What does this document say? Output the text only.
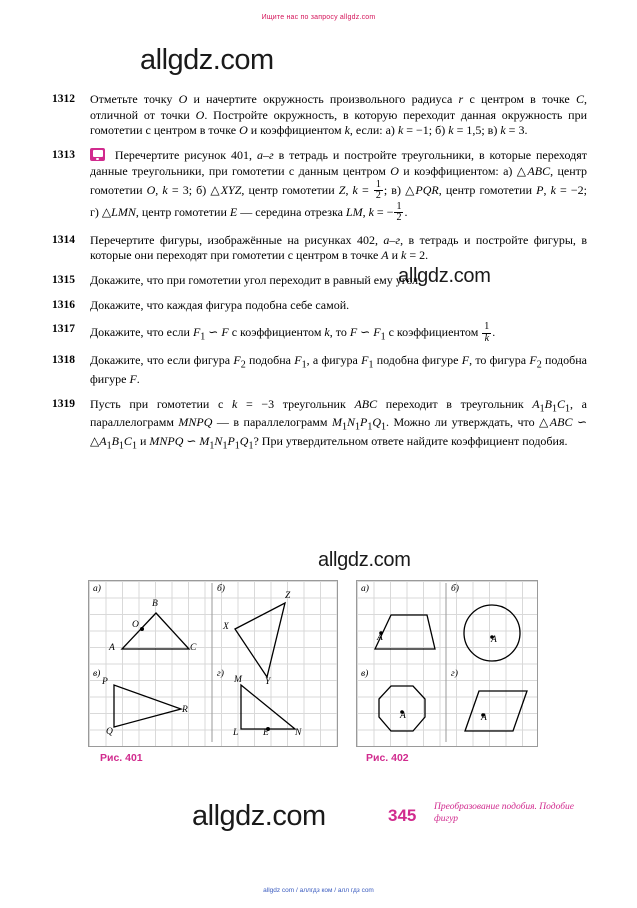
Ищите нас по запросу allgdz.com
allgdz.com
allgdz.com
allgdz.com
allgdz.com
1312	Отметьте точку O и начертите окружность произвольного радиуса r с центром в точке C, отличной от точки O. Постройте окружность, в которую переходит данная окружность при гомотетии с центром в точке O и коэффициентом k, если: а) k = −1; б) k = 1,5; в) k = 3.
1313	Перечертите рисунок 401, а–г в тетрадь и постройте треугольники, в которые переходят данные треугольники, при гомотетии с данным центром O и коэффициентом: а) △ABC, центр гомотетии O, k = 3; б) △XYZ, центр гомотетии Z, $k = \frac{1}{2}$ ; в) △PQR, центр гомотетии P, k = −2; г) △LMN, центр гомотетии E — середина отрезка LM, k = − $\frac{1}{2}$ .
1314	Перечертите фигуры, изображённые на рисунках 402, а–г, в тетрадь и постройте фигуры, в которые они переходят при гомотетии с центром в точке A и k = 2.
1315	Докажите, что при гомотетии угол переходит в равный ему угол.
1316	Докажите, что каждая фигура подобна себе самой.
1317	Докажите, что если $F_1$ ∽ F с коэффициентом k, то F ∽ $F_1$ с коэффициентом $\frac{1}{k}$ .
1318	Докажите, что если фигура $F_2$ подобна $F_1$, а фигура $F_1$ подобна фигуре F, то фигура $F_2$ подобна фигуре F.
1319	Пусть при гомотетии с k = −3 треугольник ABC переходит в треугольник $A_1B_1C_1$, а параллелограмм MNPQ — в параллелограмм $M_1N_1P_1Q_1$. Можно ли утверждать, что △ABC ∽ $\triangle A_1B_1C_1$ и MNPQ ∽ $M_1N_1P_1Q_1$? При утвердительном ответе найдите коэффициент подобия.
а)	б)
в)	г)
B
O
A	C
Z
X
Y
P
Q
R
M
L	E	N
а)	б)
в)	г)
A	A
A	A
Рис. 401	Рис. 402
345 Преобразование подобия. Подобие фигур
allgdz com / аллгдз ком / алл гдз com
